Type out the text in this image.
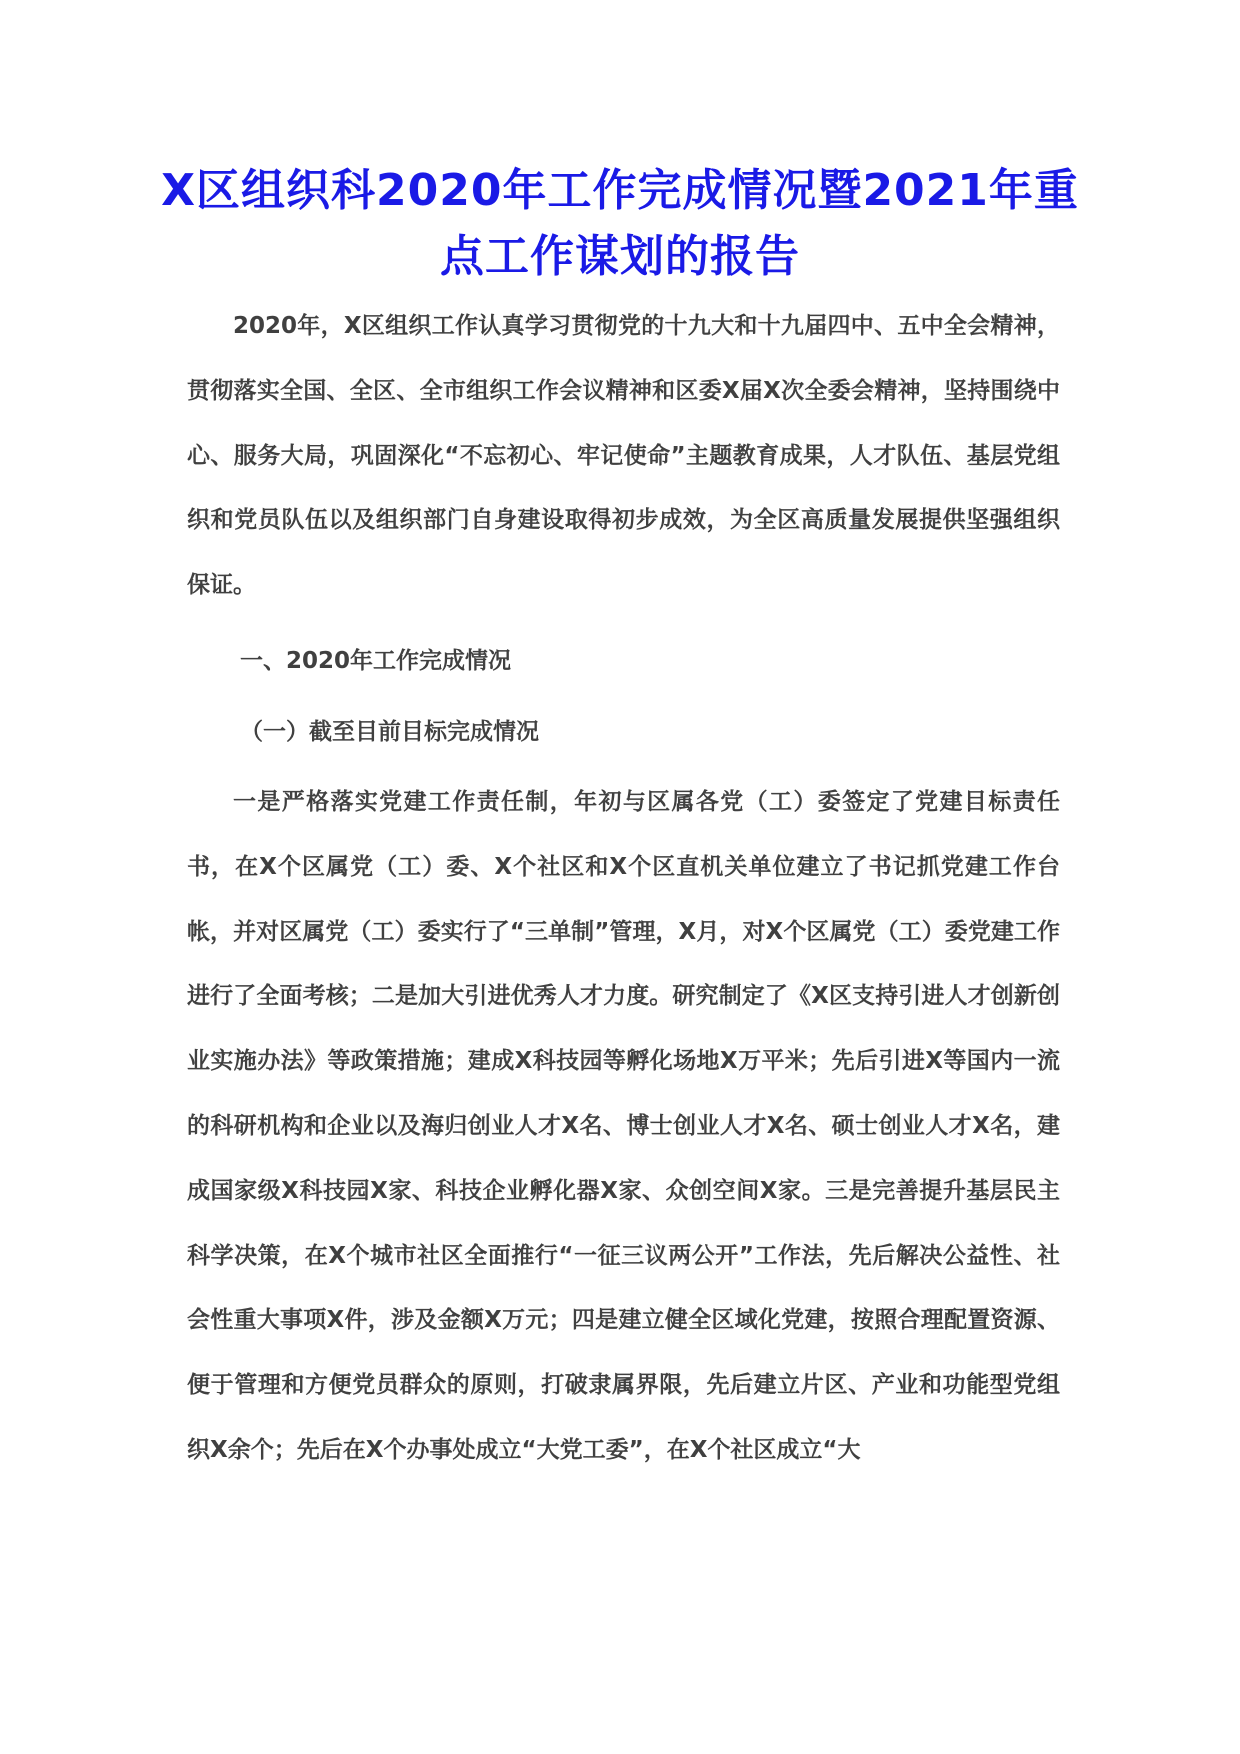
X区组织科2020年工作完成情况暨2021年重点工作谋划的报告

2020年，X区组织工作认真学习贯彻党的十九大和十九届四中、五中全会精神，贯彻落实全国、全区、全市组织工作会议精神和区委X届X次全委会精神，坚持围绕中心、服务大局，巩固深化“不忘初心、牢记使命”主题教育成果，人才队伍、基层党组织和党员队伍以及组织部门自身建设取得初步成效，为全区高质量发展提供坚强组织保证。

一、2020年工作完成情况
（一）截至目前目标完成情况

一是严格落实党建工作责任制，年初与区属各党（工）委签定了党建目标责任书，在X个区属党（工）委、X个社区和X个区直机关单位建立了书记抓党建工作台帐，并对区属党（工）委实行了“三单制”管理，X月，对X个区属党（工）委党建工作进行了全面考核；二是加大引进优秀人才力度。研究制定了《X区支持引进人才创新创业实施办法》等政策措施；建成X科技园等孵化场地X万平米；先后引进X等国内一流的科研机构和企业以及海归创业人才X名、博士创业人才X名、硕士创业人才X名，建成国家级X科技园X家、科技企业孵化器X家、众创空间X家。三是完善提升基层民主科学决策，在X个城市社区全面推行“一征三议两公开”工作法，先后解决公益性、社会性重大事项X件，涉及金额X万元；四是建立健全区域化党建，按照合理配置资源、便于管理和方便党员群众的原则，打破隶属界限，先后建立片区、产业和功能型党组织X余个；先后在X个办事处成立“大党工委”，在X个社区成立“大
